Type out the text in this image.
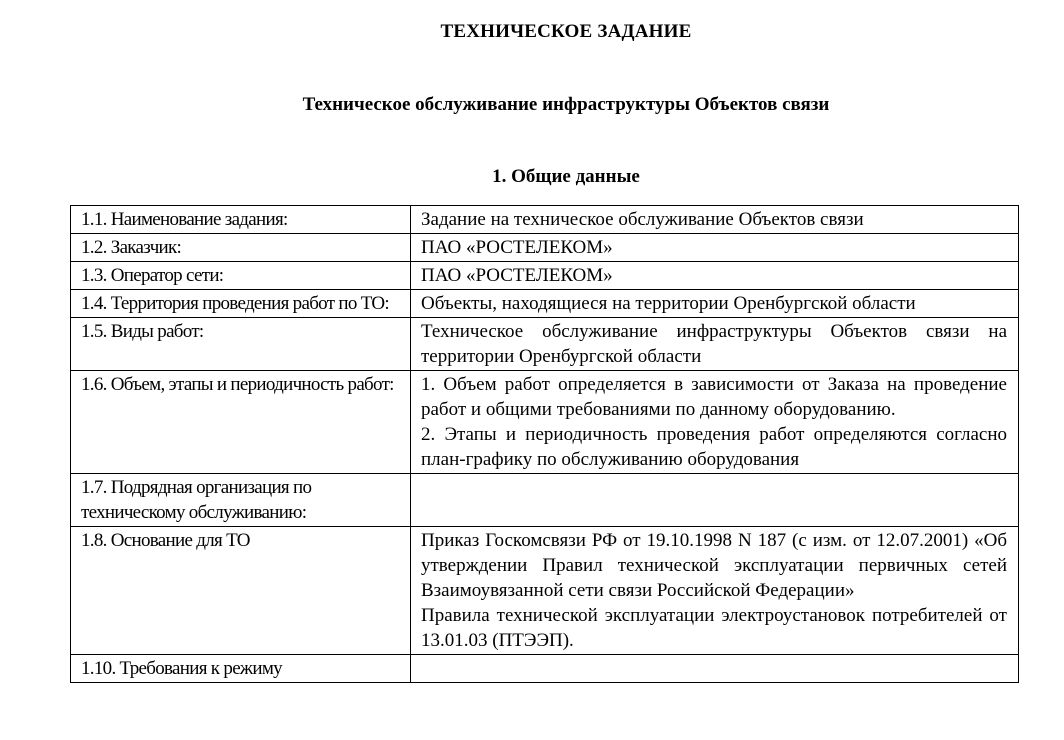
ТЕХНИЧЕСКОЕ ЗАДАНИЕ
Техническое обслуживание инфраструктуры Объектов связи
1. Общие данные
1.1. Наименование задания:	Задание на техническое обслуживание Объектов связи

1.2. Заказчик:	ПАО «РОСТЕЛЕКОМ»

1.3. Оператор сети:	ПАО «РОСТЕЛЕКОМ»

1.4. Территория проведения работ по ТО:	Объекты, находящиеся на территории Оренбургской области

1.5. Виды работ:	Техническое обслуживание инфраструктуры Объектов связи на территории Оренбургской области

1.6. Объем, этапы и периодичность работ:	1. Объем работ определяется в зависимости от Заказа на проведение работ и общими требованиями по данному оборудованию.
2. Этапы и периодичность проведения работ определяются согласно план-графику по обслуживанию оборудования

1.7. Подрядная организация по техническому обслуживанию:	

1.8. Основание для ТО	Приказ Госкомсвязи РФ от 19.10.1998 N 187 (с изм. от 12.07.2001) «Об утверждении Правил технической эксплуатации первичных сетей Взаимоувязанной сети связи Российской Федерации»
Правила технической эксплуатации электроустановок потребителей от 13.01.03 (ПТЭЭП).

1.10. Требования к режиму	
